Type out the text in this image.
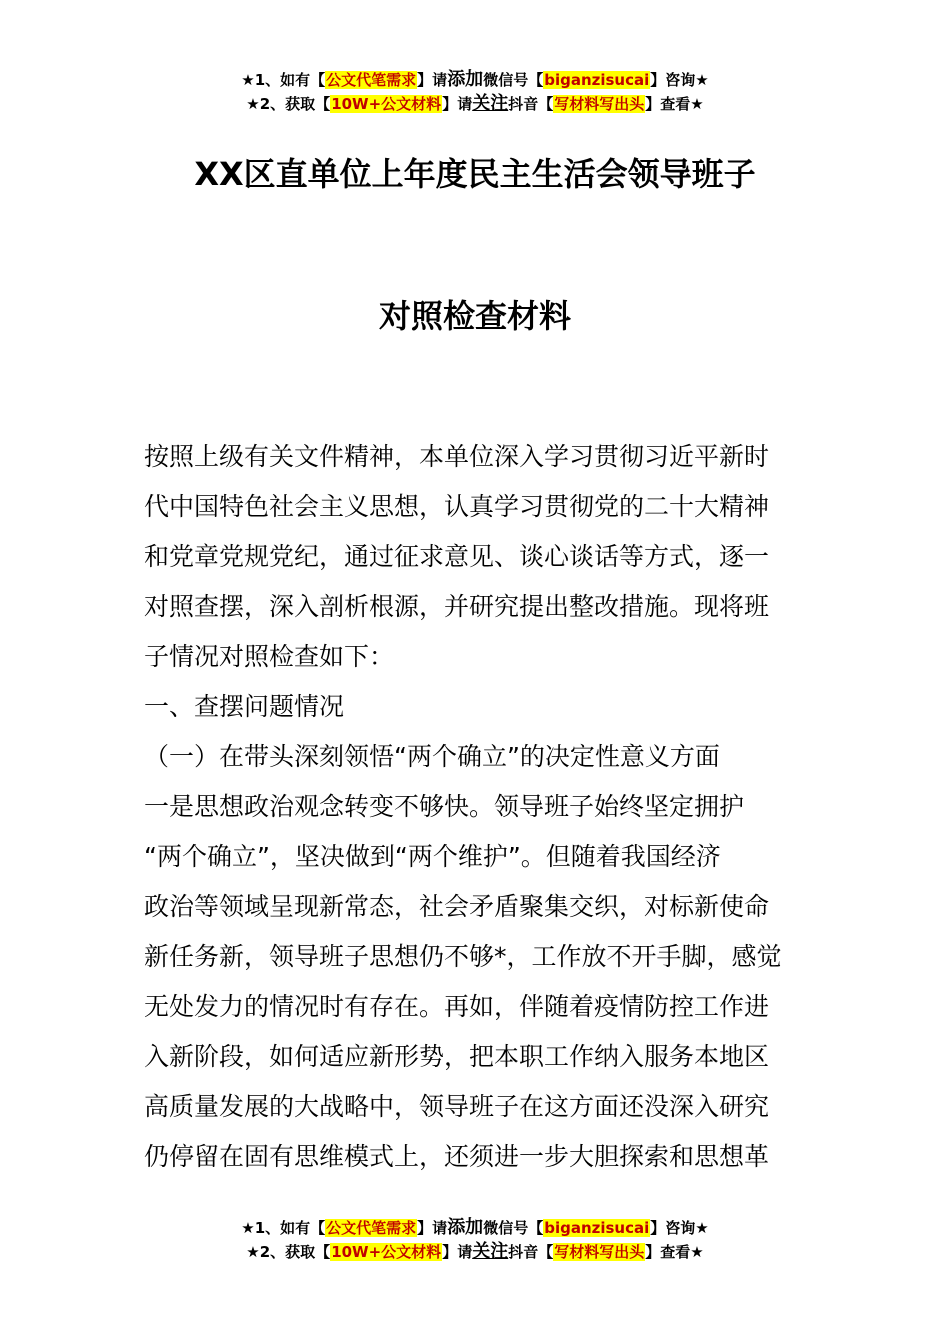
★1、如有【公文代笔需求】请添加微信号【biganzisucai】咨询★
★2、获取【10W+公文材料】请关注抖音【写材料写出头】查看★
XX区直单位上年度民主生活会领导班子
对照检查材料
按照上级有关文件精神，本单位深入学习贯彻习近平新时
代中国特色社会主义思想，认真学习贯彻党的二十大精神
和党章党规党纪，通过征求意见、谈心谈话等方式，逐一
对照查摆，深入剖析根源，并研究提出整改措施。现将班
子情况对照检查如下：
一、查摆问题情况
（一）在带头深刻领悟“两个确立”的决定性意义方面
一是思想政治观念转变不够快。领导班子始终坚定拥护
“两个确立”，坚决做到“两个维护”。但随着我国经济
政治等领域呈现新常态，社会矛盾聚集交织，对标新使命
新任务新，领导班子思想仍不够*，工作放不开手脚，感觉
无处发力的情况时有存在。再如，伴随着疫情防控工作进
入新阶段，如何适应新形势，把本职工作纳入服务本地区
高质量发展的大战略中，领导班子在这方面还没深入研究
仍停留在固有思维模式上，还须进一步大胆探索和思想革
★1、如有【公文代笔需求】请添加微信号【biganzisucai】咨询★
★2、获取【10W+公文材料】请关注抖音【写材料写出头】查看★
